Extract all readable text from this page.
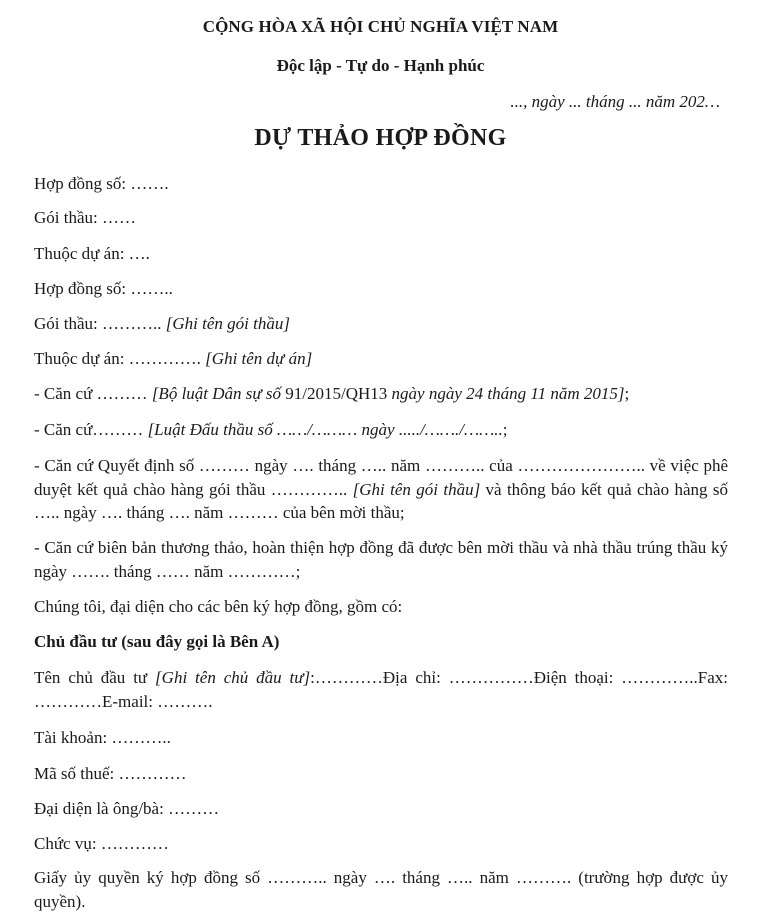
CỘNG HÒA XÃ HỘI CHỦ NGHĨA VIỆT NAM
Độc lập - Tự do - Hạnh phúc
..., ngày ... tháng ... năm 202…
DỰ THẢO HỢP ĐỒNG
Hợp đồng số: …….
Gói thầu: ……
Thuộc dự án: ….
Hợp đồng số: ……..
Gói thầu: ……….. [Ghi tên gói thầu]
Thuộc dự án: …………. [Ghi tên dự án]
- Căn cứ ……… [Bộ luật Dân sự số 91/2015/QH13 ngày ngày 24 tháng 11 năm 2015];
- Căn cứ……… [Luật Đấu thầu số ……/……… ngày ...../……./……..;
- Căn cứ Quyết định số ……… ngày …. tháng ….. năm ……….. của ………………….. về việc phê duyệt kết quả chào hàng gói thầu ………….. [Ghi tên gói thầu] và thông báo kết quả chào hàng số ….. ngày …. tháng …. năm ……… của bên mời thầu;
- Căn cứ biên bản thương thảo, hoàn thiện hợp đồng đã được bên mời thầu và nhà thầu trúng thầu ký ngày ……. tháng …… năm …………;
Chúng tôi, đại diện cho các bên ký hợp đồng, gồm có:
Chủ đầu tư (sau đây gọi là Bên A)
Tên chủ đầu tư [Ghi tên chủ đầu tư]:…………Địa chỉ: ……………Điện thoại: …………..Fax: …………E-mail: ……….
Tài khoản: ………..
Mã số thuế: …………
Đại diện là ông/bà: ………
Chức vụ: …………
Giấy ủy quyền ký hợp đồng số ……….. ngày …. tháng ….. năm ………. (trường hợp được ủy quyền).
